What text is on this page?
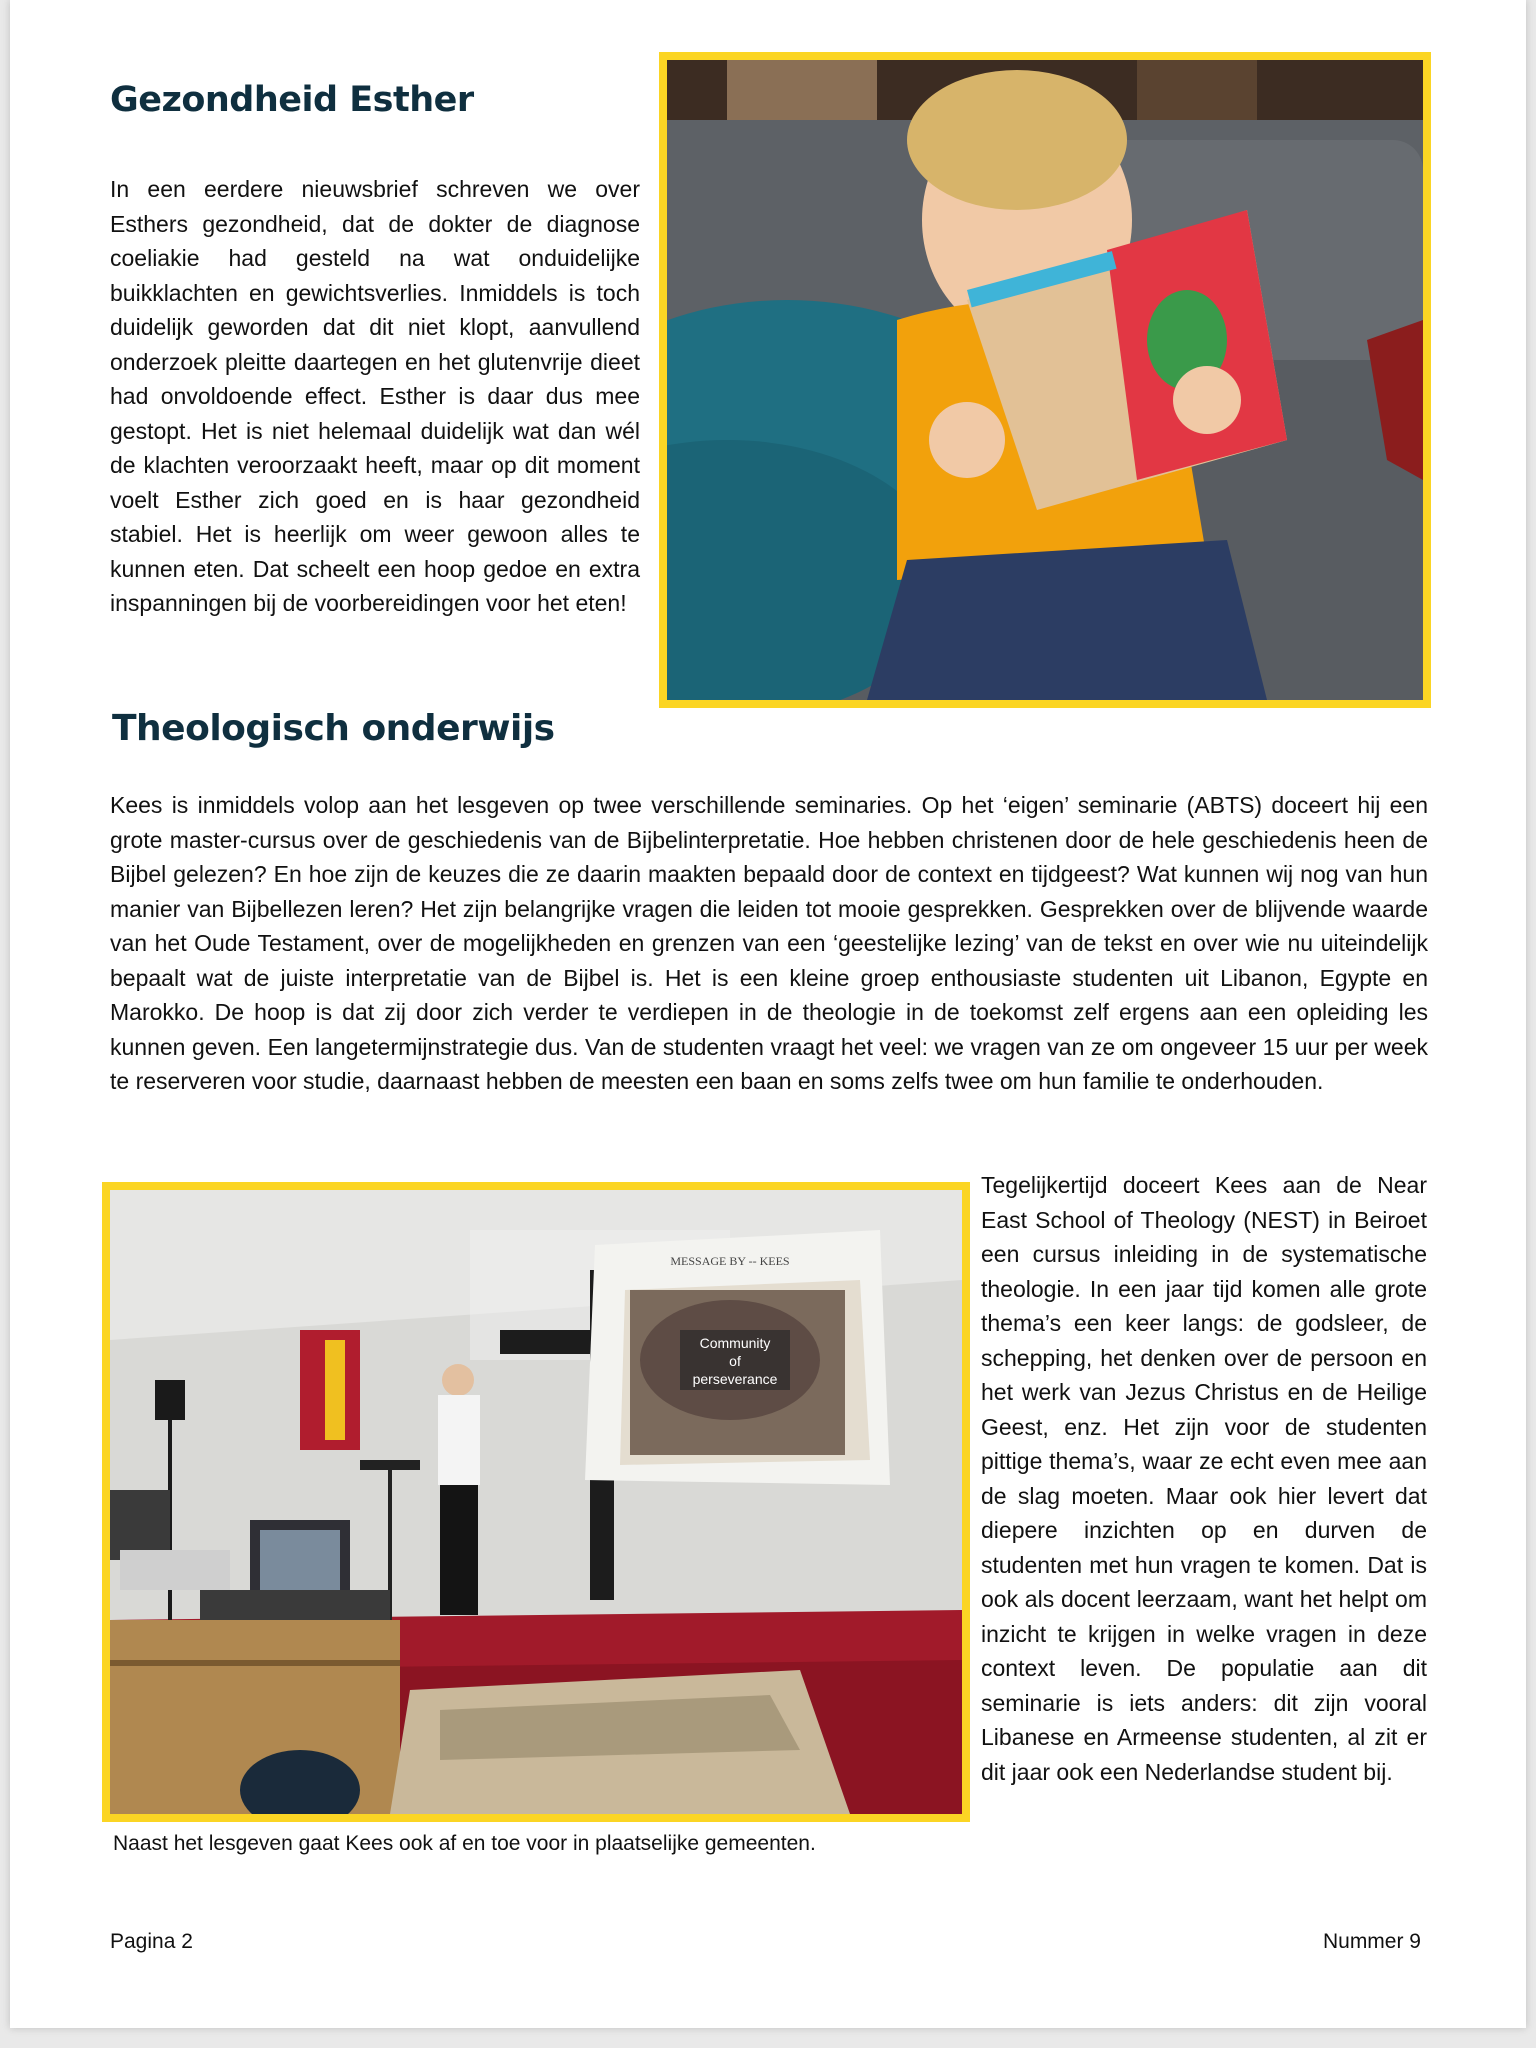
Gezondheid Esther

In een eerdere nieuwsbrief schreven we over Esthers gezondheid, dat de dokter de diagnose coeliakie had gesteld na wat onduidelijke buikklachten en gewichtsverlies. Inmiddels is toch duidelijk geworden dat dit niet klopt, aanvullend onderzoek pleitte daartegen en het glutenvrije dieet had onvoldoende effect. Esther is daar dus mee gestopt. Het is niet helemaal duidelijk wat dan wél de klachten veroorzaakt heeft, maar op dit moment voelt Esther zich goed en is haar gezondheid stabiel. Het is heerlijk om weer gewoon alles te kunnen eten. Dat scheelt een hoop gedoe en extra inspanningen bij de voorbereidingen voor het eten!

Theologisch onderwijs

Kees is inmiddels volop aan het lesgeven op twee verschillende seminaries. Op het ‘eigen’ seminarie (ABTS) doceert hij een grote master-cursus over de geschiedenis van de Bijbelinterpretatie. Hoe hebben christenen door de hele geschiedenis heen de Bijbel gelezen? En hoe zijn de keuzes die ze daarin maakten bepaald door de context en tijdgeest? Wat kunnen wij nog van hun manier van Bijbellezen leren? Het zijn belangrijke vragen die leiden tot mooie gesprekken. Gesprekken over de blijvende waarde van het Oude Testament, over de mogelijkheden en grenzen van een ‘geestelijke lezing’ van de tekst en over wie nu uiteindelijk bepaalt wat de juiste interpretatie van de Bijbel is. Het is een kleine groep enthousiaste studenten uit Libanon, Egypte en Marokko. De hoop is dat zij door zich verder te verdiepen in de theologie in de toekomst zelf ergens aan een opleiding les kunnen geven. Een langetermijnstrategie dus. Van de studenten vraagt het veel: we vragen van ze om ongeveer 15 uur per week te reserveren voor studie, daarnaast hebben de meesten een baan en soms zelfs twee om hun familie te onderhouden.

MESSAGE BY -- KEES
Community
of
perseverance

Naast het lesgeven gaat Kees ook af en toe voor in plaatselijke gemeenten.

Tegelijkertijd doceert Kees aan de Near East School of Theology (NEST) in Beiroet een cursus inleiding in de systematische theologie. In een jaar tijd komen alle grote thema’s een keer langs: de godsleer, de schepping, het denken over de persoon en het werk van Jezus Christus en de Heilige Geest, enz. Het zijn voor de studenten pittige thema’s, waar ze echt even mee aan de slag moeten. Maar ook hier levert dat diepere inzichten op en durven de studenten met hun vragen te komen. Dat is ook als docent leerzaam, want het helpt om inzicht te krijgen in welke vragen in deze context leven. De populatie aan dit seminarie is iets anders: dit zijn vooral Libanese en Armeense studenten, al zit er dit jaar ook een Nederlandse student bij.

Pagina 2	Nummer 9
